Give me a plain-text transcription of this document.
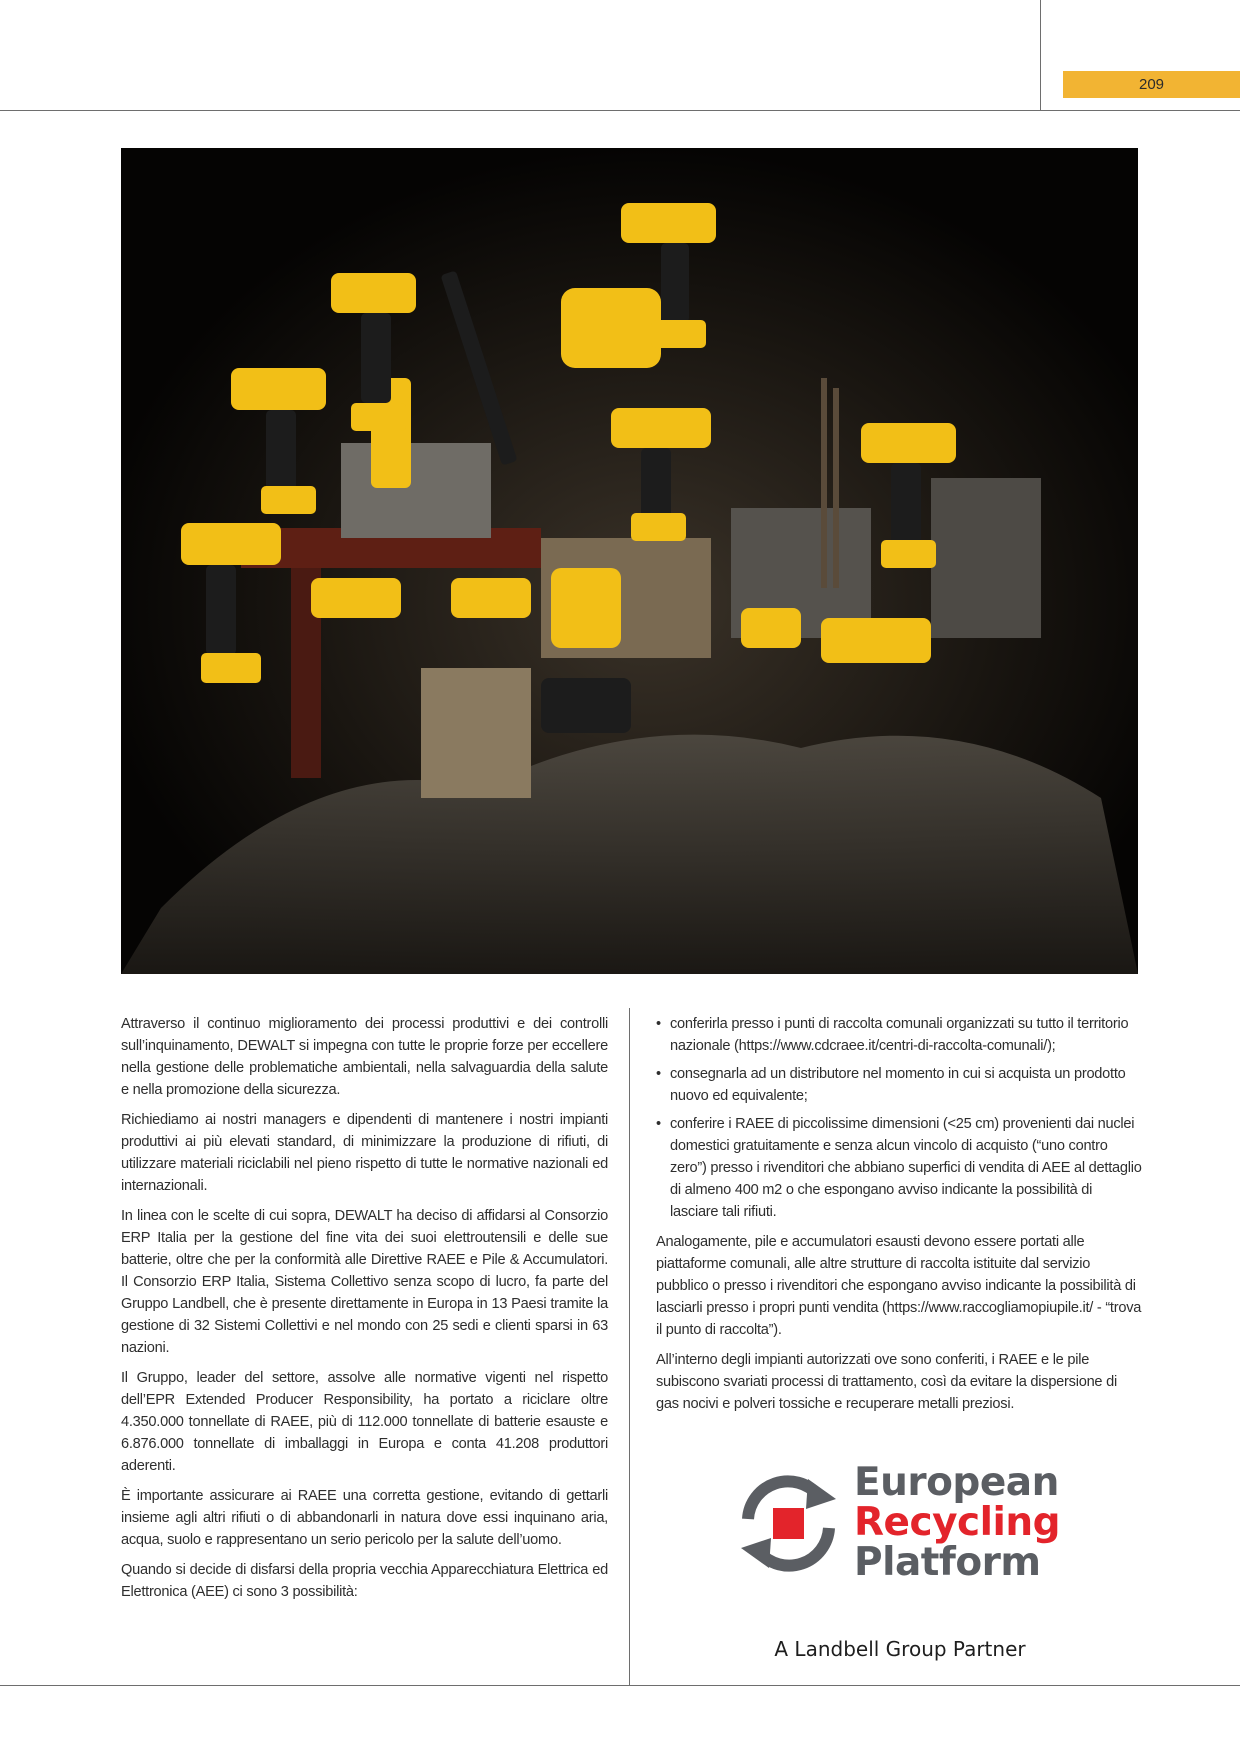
209

Attraverso il continuo miglioramento dei processi produttivi e dei controlli sull’inquinamento, DEWALT si impegna con tutte le proprie forze per eccellere nella gestione delle problematiche ambientali, nella salvaguardia della salute e nella promozione della sicurezza.

Richiediamo ai nostri managers e dipendenti di mantenere i nostri impianti produttivi ai più elevati standard, di minimizzare la produzione di rifiuti, di utilizzare materiali riciclabili nel pieno rispetto di tutte le normative nazionali ed internazionali.

In linea con le scelte di cui sopra, DEWALT ha deciso di affidarsi al Consorzio ERP Italia per la gestione del fine vita dei suoi elettroutensili e delle sue batterie, oltre che per la conformità alle Direttive RAEE e Pile & Accumulatori. Il Consorzio ERP Italia, Sistema Collettivo senza scopo di lucro, fa parte del Gruppo Landbell, che è presente direttamente in Europa in 13 Paesi tramite la gestione di 32 Sistemi Collettivi e nel mondo con 25 sedi e clienti sparsi in 63 nazioni.

Il Gruppo, leader del settore, assolve alle normative vigenti nel rispetto dell’EPR Extended Producer Responsibility, ha portato a riciclare oltre 4.350.000 tonnellate di RAEE, più di 112.000 tonnellate di batterie esauste e 6.876.000 tonnellate di imballaggi in Europa e conta 41.208 produttori aderenti.

È importante assicurare ai RAEE una corretta gestione, evitando di gettarli insieme agli altri rifiuti o di abbandonarli in natura dove essi inquinano aria, acqua, suolo e rappresentano un serio pericolo per la salute dell’uomo.

Quando si decide di disfarsi della propria vecchia Apparecchiatura Elettrica ed Elettronica (AEE) ci sono 3 possibilità:

• conferirla presso i punti di raccolta comunali organizzati su tutto il territorio nazionale (https://www.cdcraee.it/centri-di-raccolta-comunali/);
• consegnarla ad un distributore nel momento in cui si acquista un prodotto nuovo ed equivalente;
• conferire i RAEE di piccolissime dimensioni (<25 cm) provenienti dai nuclei domestici gratuitamente e senza alcun vincolo di acquisto (“uno contro zero”) presso i rivenditori che abbiano superfici di vendita di AEE al dettaglio di almeno 400 m2 o che espongano avviso indicante la possibilità di lasciare tali rifiuti.

Analogamente, pile e accumulatori esausti devono essere portati alle piattaforme comunali, alle altre strutture di raccolta istituite dal servizio pubblico o presso i rivenditori che espongano avviso indicante la possibilità di lasciarli presso i propri punti vendita (https://www.raccogliamopiupile.it/ - “trova il punto di raccolta”).

All’interno degli impianti autorizzati ove sono conferiti, i RAEE e le pile subiscono svariati processi di trattamento, così da evitare la dispersione di gas nocivi e polveri tossiche e recuperare metalli preziosi.

European
Recycling
Platform
A Landbell Group Partner
